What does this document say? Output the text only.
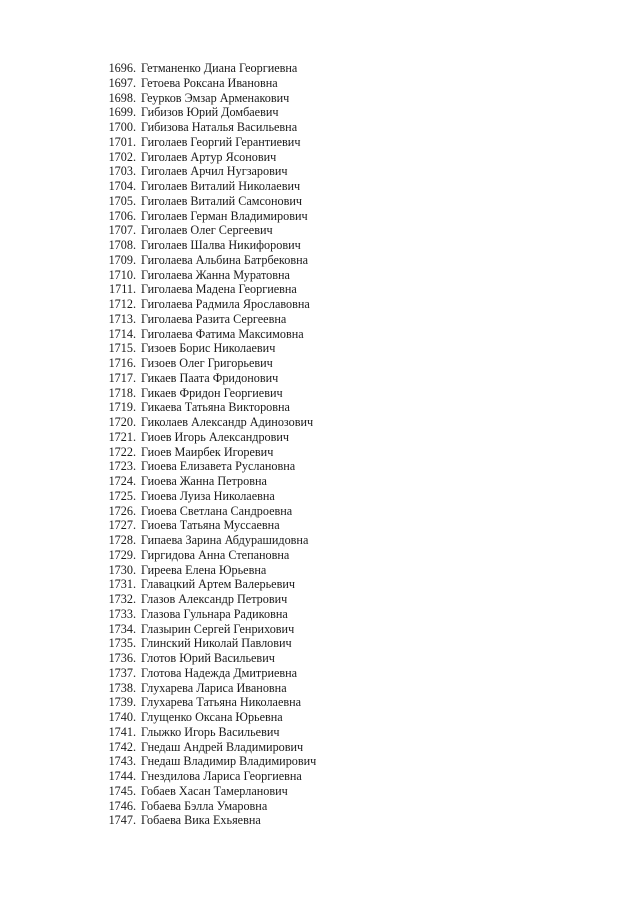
1696. Гетманенко Диана Георгиевна
1697. Гетоева Роксана Ивановна
1698. Геурков Эмзар Арменакович
1699. Гибизов Юрий Домбаевич
1700. Гибизова Наталья Васильевна
1701. Гиголаев Георгий Герантиевич
1702. Гиголаев Артур Ясонович
1703. Гиголаев Арчил Нугзарович
1704. Гиголаев Виталий Николаевич
1705. Гиголаев Виталий Самсонович
1706. Гиголаев Герман Владимирович
1707. Гиголаев Олег Сергеевич
1708. Гиголаев Шалва Никифорович
1709. Гиголаева Альбина Батрбековна
1710. Гиголаева Жанна Муратовна
1711. Гиголаева Мадена Георгиевна
1712. Гиголаева Радмила Ярославовна
1713. Гиголаева Разита Сергеевна
1714. Гиголаева Фатима Максимовна
1715. Гизоев Борис Николаевич
1716. Гизоев Олег Григорьевич
1717. Гикаев Паата Фридонович
1718. Гикаев Фридон Георгиевич
1719. Гикаева Татьяна Викторовна
1720. Гиколаев Александр Адинозович
1721. Гиоев Игорь Александрович
1722. Гиоев Маирбек Игоревич
1723. Гиоева Елизавета Руслановна
1724. Гиоева Жанна Петровна
1725. Гиоева Луиза Николаевна
1726. Гиоева Светлана Сандроевна
1727. Гиоева Татьяна Муссаевна
1728. Гипаева Зарина Абдурашидовна
1729. Гиргидова Анна Степановна
1730. Гиреева Елена Юрьевна
1731. Главацкий Артем Валерьевич
1732. Глазов Александр Петрович
1733. Глазова Гульнара Радиковна
1734. Глазырин Сергей Генрихович
1735. Глинский Николай Павлович
1736. Глотов Юрий Васильевич
1737. Глотова Надежда Дмитриевна
1738. Глухарева Лариса Ивановна
1739. Глухарева Татьяна Николаевна
1740. Глущенко Оксана Юрьевна
1741. Глыжко Игорь Васильевич
1742. Гнедаш Андрей Владимирович
1743. Гнедаш Владимир Владимирович
1744. Гнездилова Лариса Георгиевна
1745. Гобаев Хасан Тамерланович
1746. Гобаева Бэлла Умаровна
1747. Гобаева Вика Ехьяевна
